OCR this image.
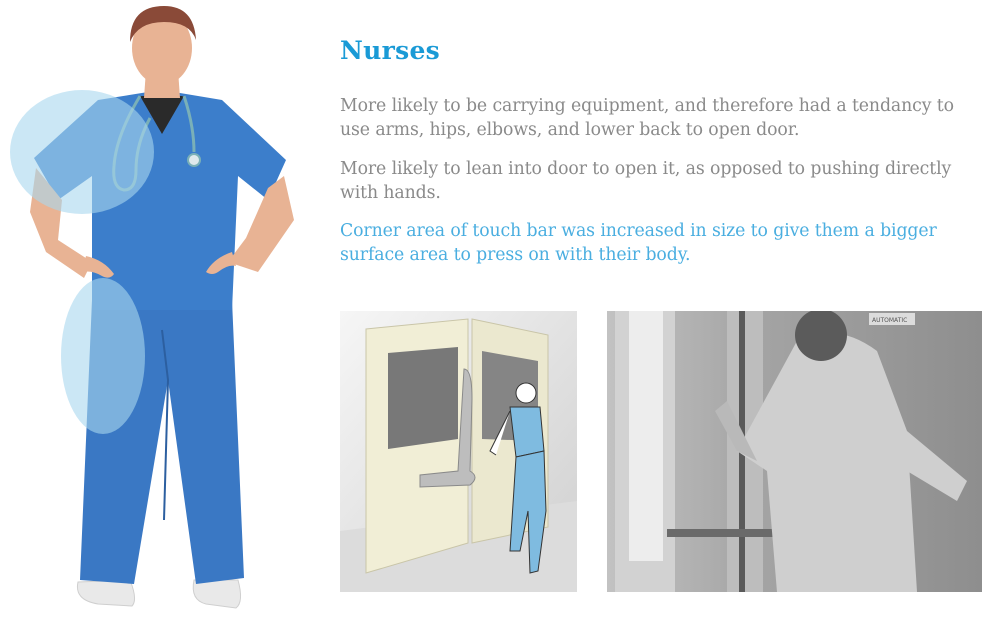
Nurses

More likely to be carrying equipment, and therefore had a tendancy to use arms, hips, elbows, and lower back to open door.

More likely to lean into door to open it, as opposed to pushing directly with hands.

Corner area of touch bar was increased in size to give them a bigger surface area to press on with their body.

AUTOMATIC
